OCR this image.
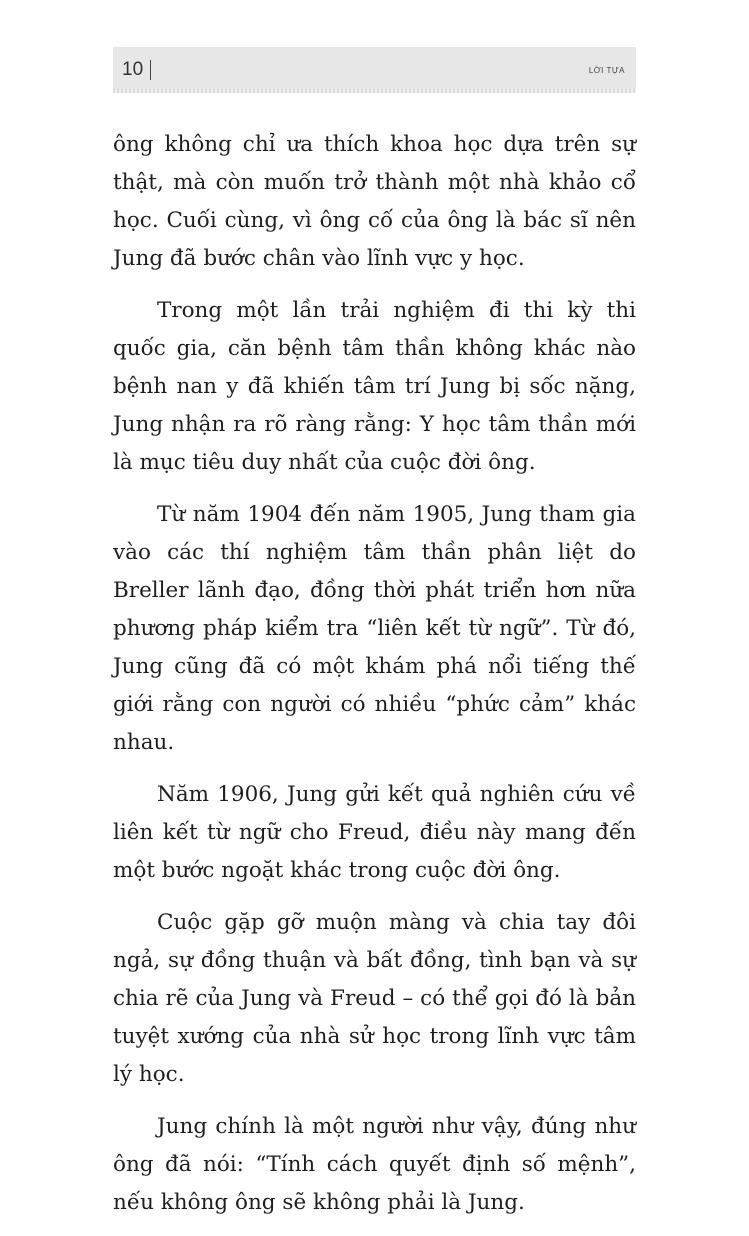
10	LỜI TỰA

ông không chỉ ưa thích khoa học dựa trên sự thật, mà còn muốn trở thành một nhà khảo cổ học. Cuối cùng, vì ông cố của ông là bác sĩ nên Jung đã bước chân vào lĩnh vực y học.

Trong một lần trải nghiệm đi thi kỳ thi quốc gia, căn bệnh tâm thần không khác nào bệnh nan y đã khiến tâm trí Jung bị sốc nặng, Jung nhận ra rõ ràng rằng: Y học tâm thần mới là mục tiêu duy nhất của cuộc đời ông.

Từ năm 1904 đến năm 1905, Jung tham gia vào các thí nghiệm tâm thần phân liệt do Breller lãnh đạo, đồng thời phát triển hơn nữa phương pháp kiểm tra “liên kết từ ngữ”. Từ đó, Jung cũng đã có một khám phá nổi tiếng thế giới rằng con người có nhiều “phức cảm” khác nhau.

Năm 1906, Jung gửi kết quả nghiên cứu về liên kết từ ngữ cho Freud, điều này mang đến một bước ngoặt khác trong cuộc đời ông.

Cuộc gặp gỡ muộn màng và chia tay đôi ngả, sự đồng thuận và bất đồng, tình bạn và sự chia rẽ của Jung và Freud – có thể gọi đó là bản tuyệt xướng của nhà sử học trong lĩnh vực tâm lý học.

Jung chính là một người như vậy, đúng như ông đã nói: “Tính cách quyết định số mệnh”, nếu không ông sẽ không phải là Jung.
